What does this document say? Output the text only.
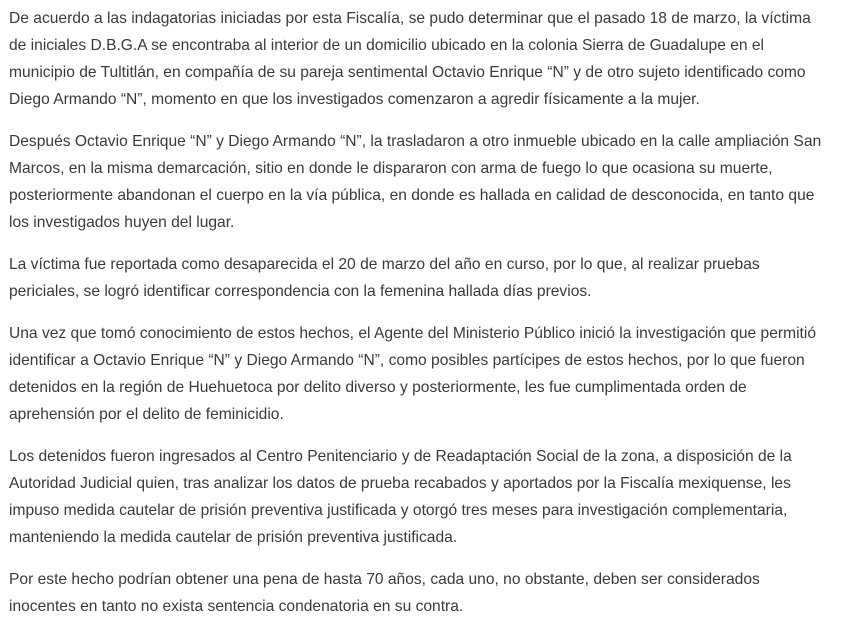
De acuerdo a las indagatorias iniciadas por esta Fiscalía, se pudo determinar que el pasado 18 de marzo, la víctima de iniciales D.B.G.A se encontraba al interior de un domicilio ubicado en la colonia Sierra de Guadalupe en el municipio de Tultitlán, en compañía de su pareja sentimental Octavio Enrique “N” y de otro sujeto identificado como Diego Armando “N”, momento en que los investigados comenzaron a agredir físicamente a la mujer.

Después Octavio Enrique “N” y Diego Armando “N”, la trasladaron a otro inmueble ubicado en la calle ampliación San Marcos, en la misma demarcación, sitio en donde le dispararon con arma de fuego lo que ocasiona su muerte, posteriormente abandonan el cuerpo en la vía pública, en donde es hallada en calidad de desconocida, en tanto que los investigados huyen del lugar.

La víctima fue reportada como desaparecida el 20 de marzo del año en curso, por lo que, al realizar pruebas periciales, se logró identificar correspondencia con la femenina hallada días previos.

Una vez que tomó conocimiento de estos hechos, el Agente del Ministerio Público inició la investigación que permitió identificar a Octavio Enrique “N” y Diego Armando “N”, como posibles partícipes de estos hechos, por lo que fueron detenidos en la región de Huehuetoca por delito diverso y posteriormente, les fue cumplimentada orden de aprehensión por el delito de feminicidio.

Los detenidos fueron ingresados al Centro Penitenciario y de Readaptación Social de la zona, a disposición de la Autoridad Judicial quien, tras analizar los datos de prueba recabados y aportados por la Fiscalía mexiquense, les impuso medida cautelar de prisión preventiva justificada y otorgó tres meses para investigación complementaria, manteniendo la medida cautelar de prisión preventiva justificada.

Por este hecho podrían obtener una pena de hasta 70 años, cada uno, no obstante, deben ser considerados inocentes en tanto no exista sentencia condenatoria en su contra.
